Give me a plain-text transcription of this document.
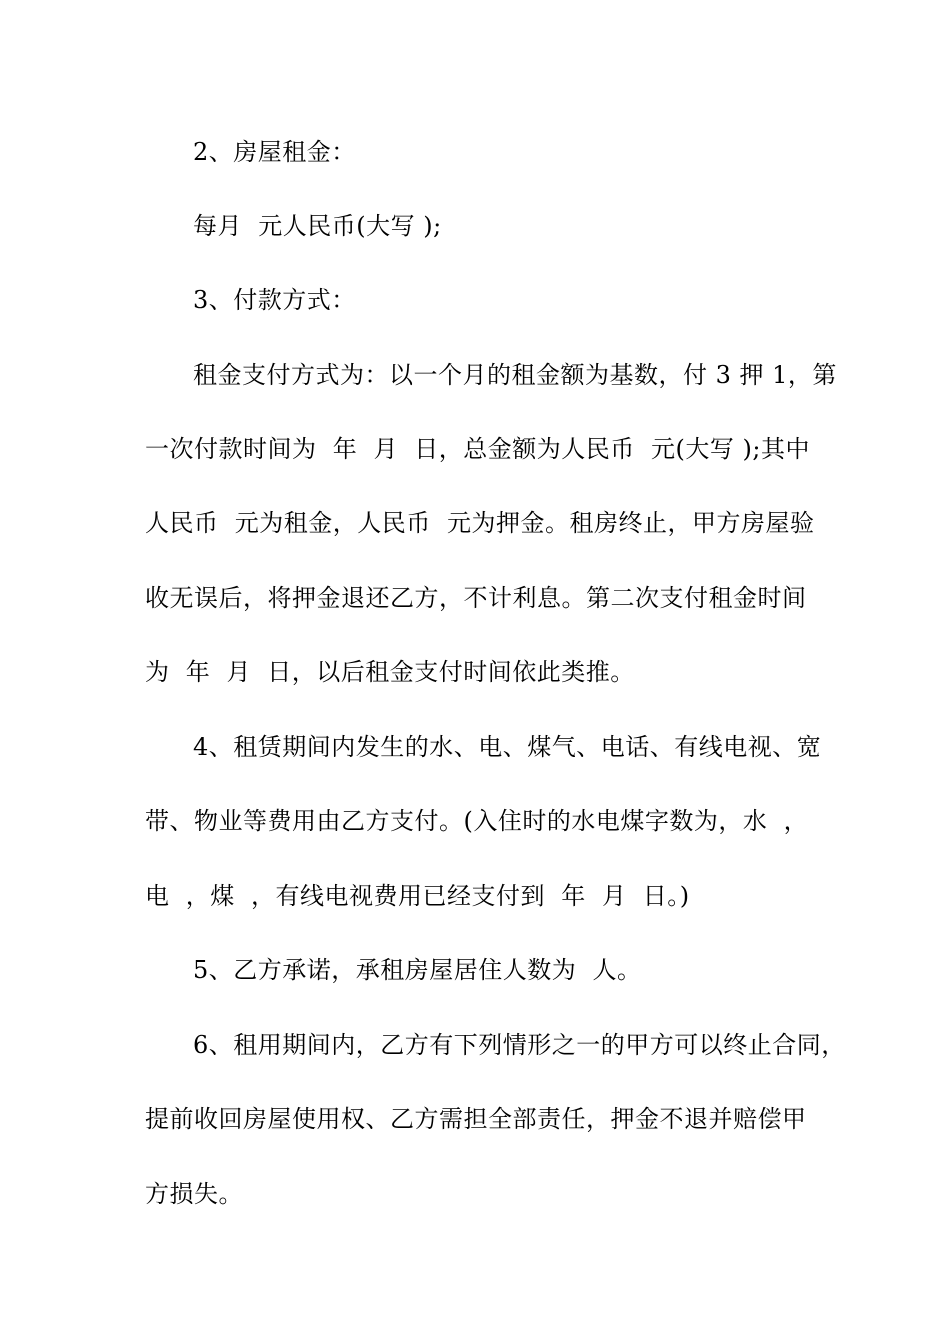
2、房屋租金：
每月  元人民币(大写 );
3、付款方式：
租金支付方式为：以一个月的租金额为基数，付 3 押 1，第
一次付款时间为  年  月  日，总金额为人民币  元(大写 );其中
人民币  元为租金，人民币  元为押金。租房终止，甲方房屋验
收无误后，将押金退还乙方，不计利息。第二次支付租金时间
为  年  月  日，以后租金支付时间依此类推。
4、租赁期间内发生的水、电、煤气、电话、有线电视、宽
带、物业等费用由乙方支付。(入住时的水电煤字数为，水  ，
电  ，煤  ，有线电视费用已经支付到  年  月  日。)
5、乙方承诺，承租房屋居住人数为  人。
6、租用期间内，乙方有下列情形之一的甲方可以终止合同，
提前收回房屋使用权、乙方需担全部责任，押金不退并赔偿甲
方损失。
